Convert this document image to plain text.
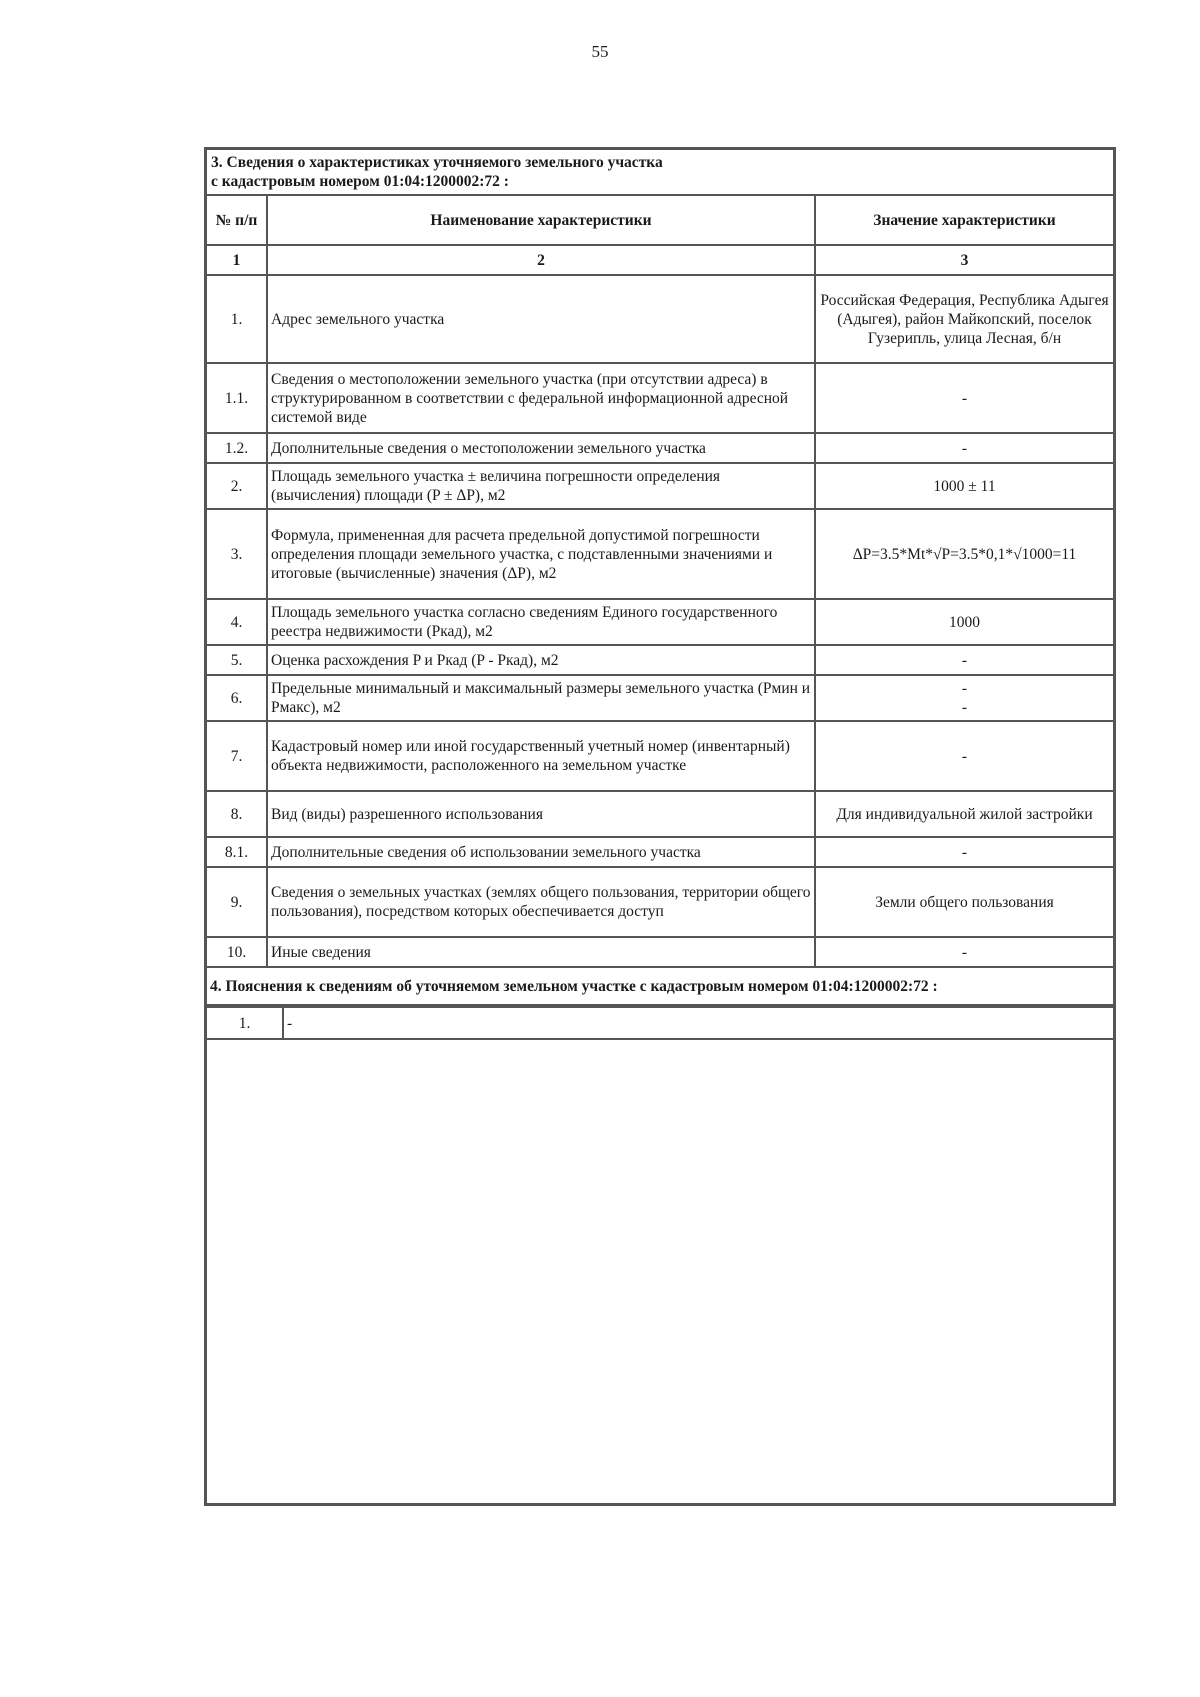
55
3. Сведения о характеристиках уточняемого земельного участка
с кадастровым номером 01:04:1200002:72 :		

№ п/п	Наименование характеристики	Значение характеристики
1	2	3
1.	Адрес земельного участка	Российская Федерация, Республика Адыгея (Адыгея), район Майкопский, поселок Гузерипль, улица Лесная, б/н
1.1.	Сведения о местоположении земельного участка (при отсутствии адреса) в структурированном в соответствии с федеральной информационной адресной системой виде	-
1.2.	Дополнительные сведения о местоположении земельного участка	-
2.	Площадь земельного участка ± величина погрешности определения (вычисления) площади (P ± ΔP), м2	1000 ± 11
3.	Формула, примененная для расчета предельной допустимой погрешности определения площади земельного участка, с подставленными значениями и итоговые (вычисленные) значения (ΔP), м2	ΔP=3.5*Mt*√P=3.5*0,1*√1000=11
4.	Площадь земельного участка согласно сведениям Единого государственного реестра недвижимости (Pкад), м2	1000
5.	Оценка расхождения P и Pкад (P - Pкад), м2	-
6.	Предельные минимальный и максимальный размеры земельного участка (Pмин и Pмакс), м2	-
-
7.	Кадастровый номер или иной государственный учетный номер (инвентарный) объекта недвижимости, расположенного на земельном участке	-
8.	Вид (виды) разрешенного использования	Для индивидуальной жилой застройки
8.1.	Дополнительные сведения об использовании земельного участка	-
9.	Сведения о земельных участках (землях общего пользования, территории общего пользования), посредством которых обеспечивается доступ	Земли общего пользования
10.	Иные сведения	-
4. Пояснения к сведениям об уточняемом земельном участке с кадастровым номером 01:04:1200002:72 :		
1.	-
